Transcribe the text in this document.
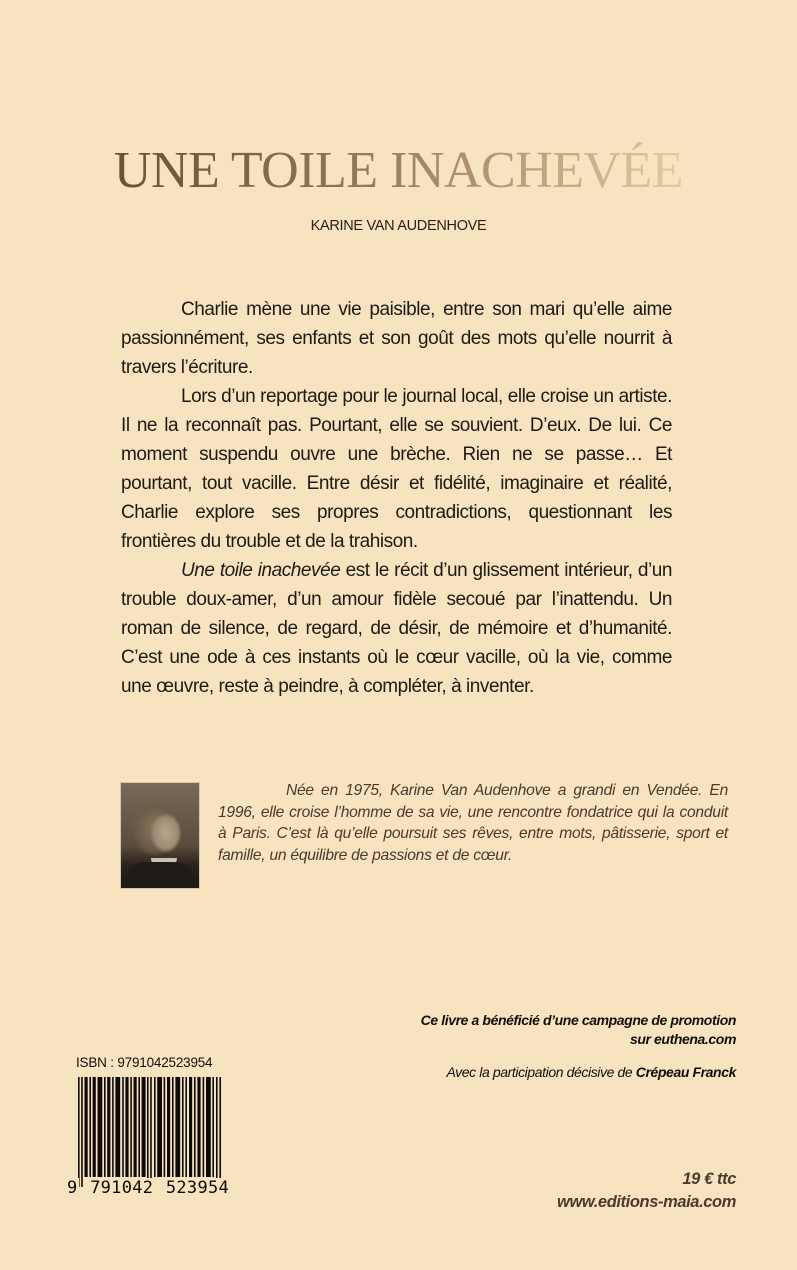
UNE TOILE INACHEVÉE
KARINE VAN AUDENHOVE

Charlie mène une vie paisible, entre son mari qu’elle aime passionnément, ses enfants et son goût des mots qu’elle nourrit à travers l’écriture.

Lors d’un reportage pour le journal local, elle croise un artiste. Il ne la reconnaît pas. Pourtant, elle se souvient. D’eux. De lui. Ce moment suspendu ouvre une brèche. Rien ne se passe… Et pourtant, tout vacille. Entre désir et fidélité, imaginaire et réalité, Charlie explore ses propres contradictions, questionnant les frontières du trouble et de la trahison.

Une toile inachevée est le récit d’un glissement intérieur, d’un trouble doux-amer, d’un amour fidèle secoué par l’inattendu. Un roman de silence, de regard, de désir, de mémoire et d’humanité. C’est une ode à ces instants où le cœur vacille, où la vie, comme une œuvre, reste à peindre, à compléter, à inventer.

Née en 1975, Karine Van Audenhove a grandi en Vendée. En 1996, elle croise l’homme de sa vie, une rencontre fondatrice qui la conduit à Paris. C’est là qu’elle poursuit ses rêves, entre mots, pâtisserie, sport et famille, un équilibre de passions et de cœur.

Ce livre a bénéficié d’une campagne de promotion
sur euthena.com
Avec la participation décisive de Crépeau Franck
ISBN : 9791042523954
9 791042 523954	19 € ttc
www.editions-maia.com
